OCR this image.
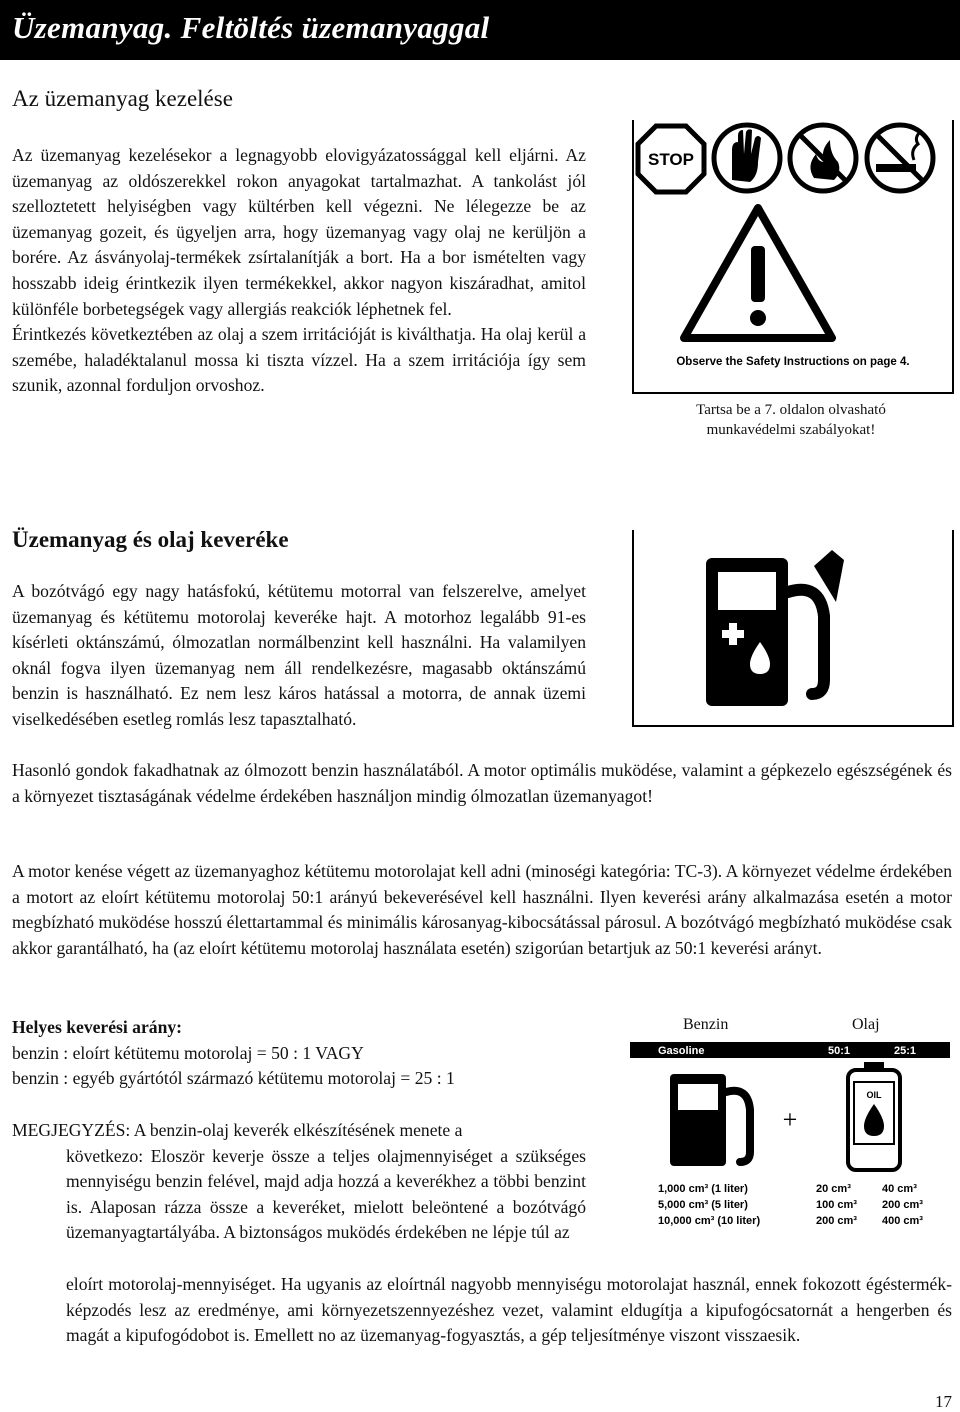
Üzemanyag. Feltöltés üzemanyaggal
Az üzemanyag kezelése

Az üzemanyag kezelésekor a legnagyobb elovigyázatossággal kell eljárni. Az üzemanyag az oldószerekkel rokon anyagokat tartalmazhat. A tankolást jól szelloztetett helyiségben vagy kültérben kell végezni. Ne lélegezze be az üzemanyag gozeit, és ügyeljen arra, hogy üzemanyag vagy olaj ne kerüljön a borére. Az ásványolaj-termékek zsírtalanítják a bort. Ha a bor ismételten vagy hosszabb ideig érintkezik ilyen termékekkel, akkor nagyon kiszáradhat, amitol különféle borbetegségek vagy allergiás reakciók léphetnek fel.

Érintkezés következtében az olaj a szem irritációját is kiválthatja. Ha olaj kerül a szemébe, haladéktalanul mossa ki tiszta vízzel. Ha a szem irritációja így sem szunik, azonnal forduljon orvoshoz.

STOP
Observe the Safety Instructions on page 4.
Tartsa be a 7. oldalon olvasható
munkavédelmi szabályokat!
Üzemanyag és olaj keveréke

A bozótvágó egy nagy hatásfokú, kétütemu motorral van felszerelve, amelyet üzemanyag és kétütemu motorolaj keveréke hajt. A motorhoz legalább 91-es kísérleti oktánszámú, ólmozatlan normálbenzint kell használni. Ha valamilyen oknál fogva ilyen üzemanyag nem áll rendelkezésre, magasabb oktánszámú benzin is használható. Ez nem lesz káros hatással a motorra, de annak üzemi viselkedésében esetleg romlás lesz tapasztalható.

Hasonló gondok fakadhatnak az ólmozott benzin használatából. A motor optimális muködése, valamint a gépkezelo egészségének és a környezet tisztaságának védelme érdekében használjon mindig ólmozatlan üzemanyagot!

A motor kenése végett az üzemanyaghoz kétütemu motorolajat kell adni (minoségi kategória: TC-3). A környezet védelme érdekében a motort az eloírt kétütemu motorolaj 50:1 arányú bekeverésével kell használni. Ilyen keverési arány alkalmazása esetén a motor megbízható muködése hosszú élettartammal és minimális károsanyag-kibocsátással párosul. A bozótvágó megbízható muködése csak akkor garantálható, ha (az eloírt kétütemu motorolaj használata esetén) szigorúan betartjuk az 50:1 keverési arányt.

Helyes keverési arány:

benzin : eloírt kétütemu motorolaj = 50 : 1 VAGY

benzin : egyéb gyártótól származó kétütemu motorolaj = 25 : 1

Benzin	Olaj
Gasoline	50:1	25:1
+
OIL
1,000 cm³ (1 liter)	20 cm³	40 cm³
5,000 cm³ (5 liter)	100 cm³ 200 cm³
10,000 cm³ (10 liter)	200 cm³ 400 cm³

MEGJEGYZÉS: A benzin-olaj keverék elkészítésének menete a

következo: Eloször keverje össze a teljes olajmennyiséget a szükséges mennyiségu benzin felével, majd adja hozzá a keverékhez a többi benzint is. Alaposan rázza össze a keveréket, mielott beleöntené a bozótvágó üzemanyagtartályába. A biztonságos muködés érdekében ne lépje túl az

eloírt motorolaj-mennyiséget. Ha ugyanis az eloírtnál nagyobb mennyiségu motorolajat használ, ennek fokozott égéstermék-képzodés lesz az eredménye, ami környezetszennyezéshez vezet, valamint eldugítja a kipufogócsatornát a hengerben és magát a kipufogódobot is. Emellett no az üzemanyag-fogyasztás, a gép teljesítménye viszont visszaesik.

17
